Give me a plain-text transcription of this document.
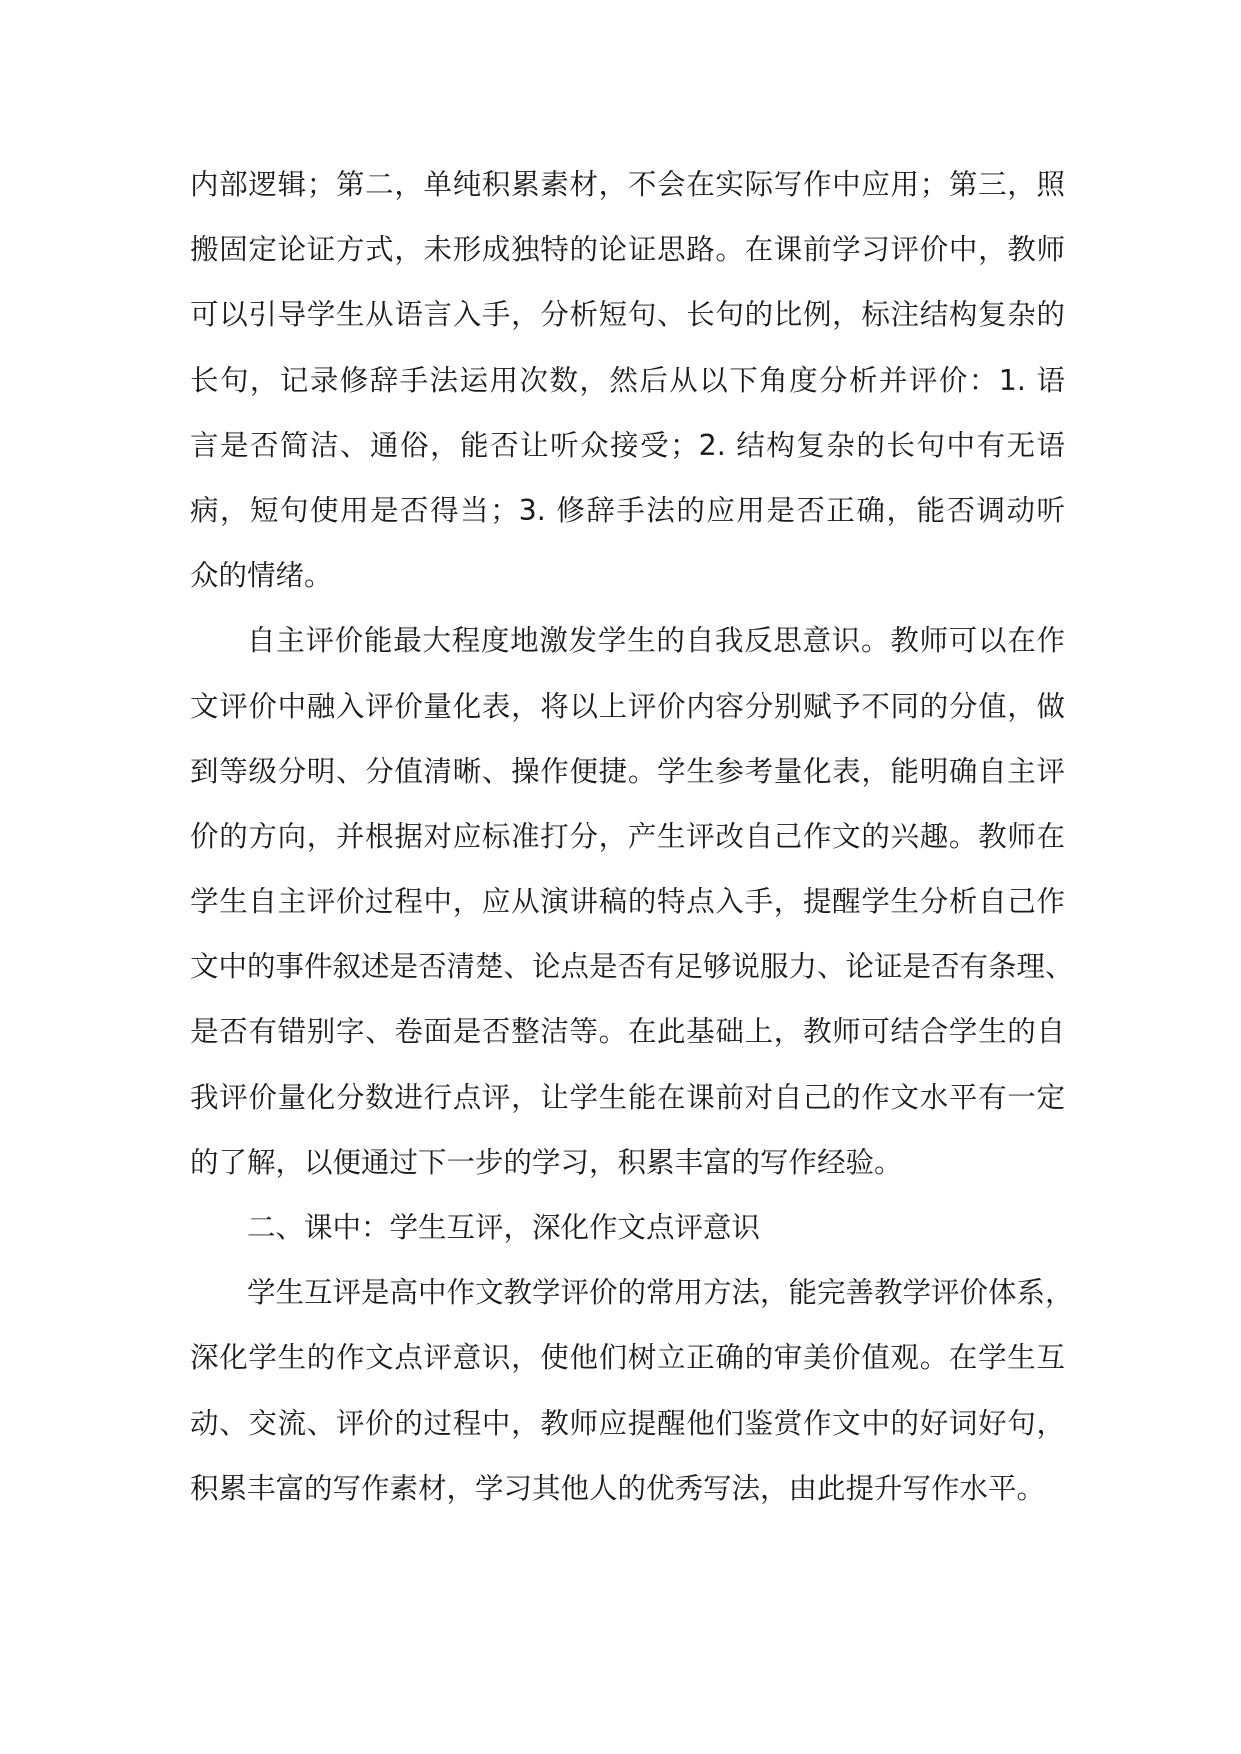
内部逻辑；第二，单纯积累素材，不会在实际写作中应用；第三，照
搬固定论证方式，未形成独特的论证思路。在课前学习评价中，教师
可以引导学生从语言入手，分析短句、长句的比例，标注结构复杂的
长句，记录修辞手法运用次数，然后从以下角度分析并评价：1. 语
言是否简洁、通俗，能否让听众接受；2. 结构复杂的长句中有无语
病，短句使用是否得当；3. 修辞手法的应用是否正确，能否调动听
众的情绪。
自主评价能最大程度地激发学生的自我反思意识。教师可以在作
文评价中融入评价量化表，将以上评价内容分别赋予不同的分值，做
到等级分明、分值清晰、操作便捷。学生参考量化表，能明确自主评
价的方向，并根据对应标准打分，产生评改自己作文的兴趣。教师在
学生自主评价过程中，应从演讲稿的特点入手，提醒学生分析自己作
文中的事件叙述是否清楚、论点是否有足够说服力、论证是否有条理、
是否有错别字、卷面是否整洁等。在此基础上，教师可结合学生的自
我评价量化分数进行点评，让学生能在课前对自己的作文水平有一定
的了解，以便通过下一步的学习，积累丰富的写作经验。
二、课中：学生互评，深化作文点评意识
学生互评是高中作文教学评价的常用方法，能完善教学评价体系，
深化学生的作文点评意识，使他们树立正确的审美价值观。在学生互
动、交流、评价的过程中，教师应提醒他们鉴赏作文中的好词好句，
积累丰富的写作素材，学习其他人的优秀写法，由此提升写作水平。
